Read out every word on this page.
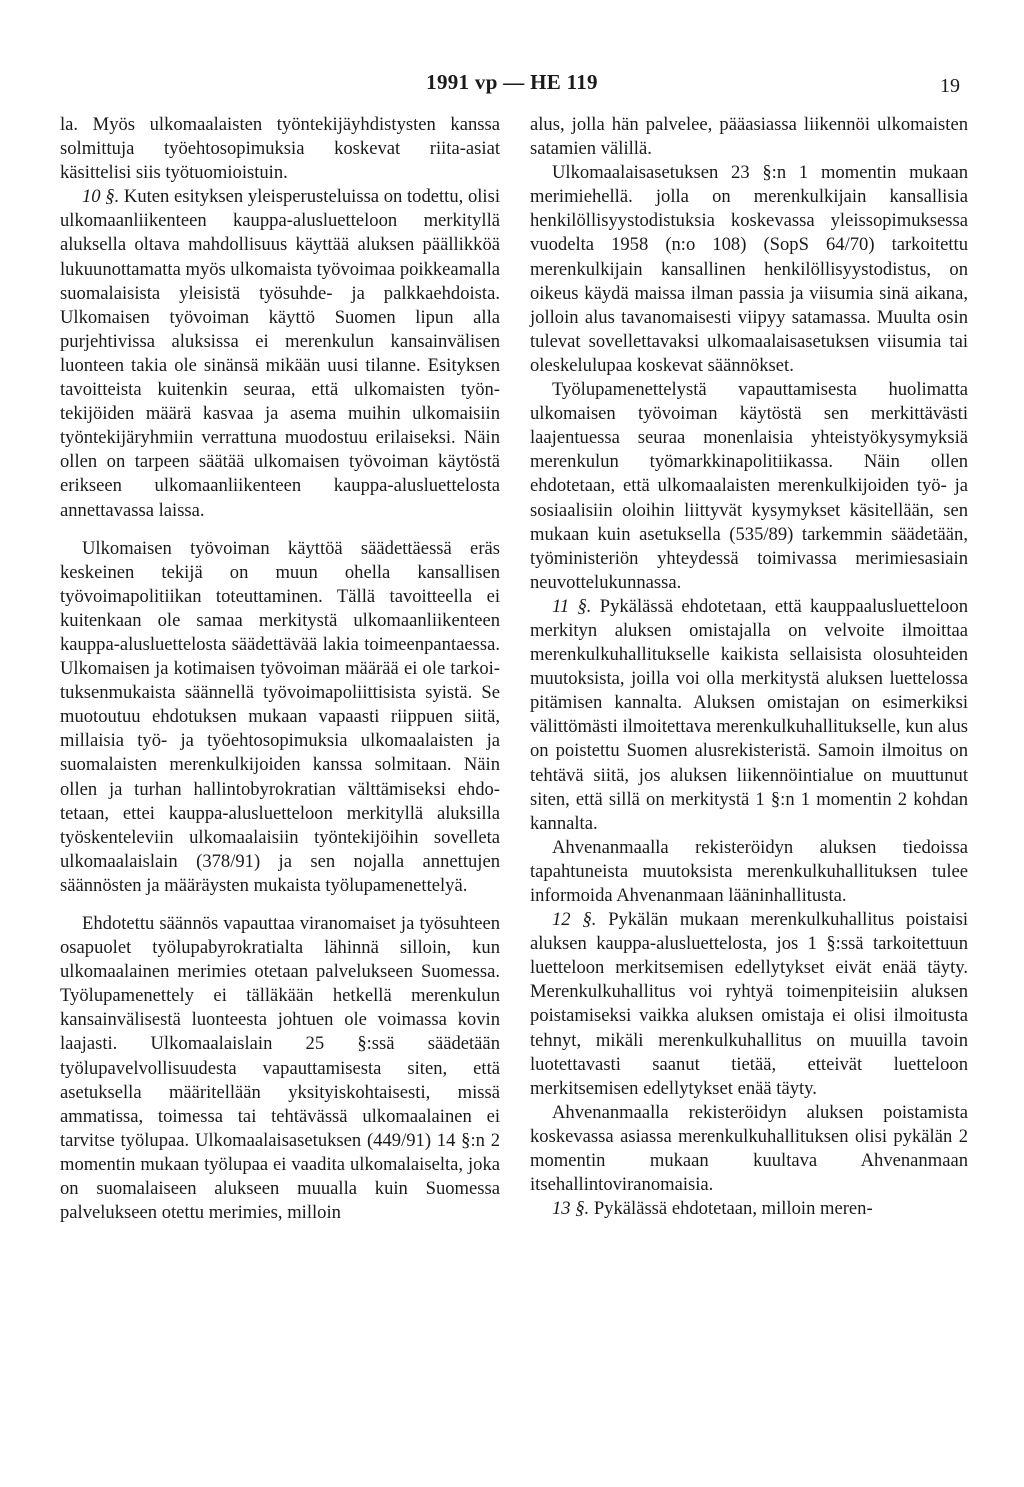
1991 vp — HE 119	19

la. Myös ulkomaalaisten työntekijäyhdistysten kanssa solmittuja työehtosopimuksia koskevat riita-asiat käsittelisi siis työtuomioistuin.

10 §. Kuten esityksen yleisperusteluissa on todettu, olisi ulkomaanliikenteen kauppa-alusluetteloon merkityllä aluksella oltava mahdollisuus käyttää aluksen päällikköä lukuunottamatta myös ulkomaista työvoimaa poikkeamalla suomalaisista yleisistä työsuhde- ja palkkaehdoista. Ulkomaisen työvoiman käyttö Suomen lipun alla purjehtivissa aluksissa ei merenkulun kansainvälisen luonteen takia ole sinänsä mikään uusi tilanne. Esityksen tavoitteista kuitenkin seuraa, että ulkomaisten työntekijöiden määrä kasvaa ja asema muihin ulkomaisiin työntekijäryhmiin verrattuna muodostuu erilaiseksi. Näin ollen on tarpeen säätää ulkomaisen työvoiman käytöstä erikseen ulkomaanliikenteen kauppa-alusluettelosta annettavassa laissa.

Ulkomaisen työvoiman käyttöä säädettäessä eräs keskeinen tekijä on muun ohella kansallisen työvoimapolitiikan toteuttaminen. Tällä tavoitteella ei kuitenkaan ole samaa merkitystä ulkomaanliikenteen kauppa-alusluettelosta säädettävää lakia toimeenpantaessa. Ulkomaisen ja kotimaisen työvoiman määrää ei ole tarkoituksenmukaista säännellä työvoimapoliittisista syistä. Se muotoutuu ehdotuksen mukaan vapaasti riippuen siitä, millaisia työ- ja työehtosopimuksia ulkomaalaisten ja suomalaisten merenkulkijoiden kanssa solmitaan. Näin ollen ja turhan hallintobyrokratian välttämiseksi ehdotetaan, ettei kauppa-alusluetteloon merkityllä aluksilla työskenteleviin ulkomaalaisiin työntekijöihin sovelleta ulkomaalaislain (378/91) ja sen nojalla annettujen säännösten ja määräysten mukaista työlupamenettelyä.

Ehdotettu säännös vapauttaa viranomaiset ja työsuhteen osapuolet työlupabyrokratialta lähinnä silloin, kun ulkomaalainen merimies otetaan palvelukseen Suomessa. Työlupamenettely ei tälläkään hetkellä merenkulun kansainvälisestä luonteesta johtuen ole voimassa kovin laajasti. Ulkomaalaislain 25 §:ssä säädetään työlupavelvollisuudesta vapauttamisesta siten, että asetuksella määritellään yksityiskohtaisesti, missä ammatissa, toimessa tai tehtävässä ulkomaalainen ei tarvitse työlupaa. Ulkomaalaisasetuksen (449/91) 14 §:n 2 momentin mukaan työlupaa ei vaadita ulkomalaiselta, joka on suomalaiseen alukseen muualla kuin Suomessa palvelukseen otettu merimies, milloin

alus, jolla hän palvelee, pääasiassa liikennöi ulkomaisten satamien välillä.

Ulkomaalaisasetuksen 23 §:n 1 momentin mukaan merimiehellä. jolla on merenkulkijain kansallisia henkilöllisyystodistuksia koskevassa yleissopimuksessa vuodelta 1958 (n:o 108) (SopS 64/70) tarkoitettu merenkulkijain kansallinen henkilöllisyystodistus, on oikeus käydä maissa ilman passia ja viisumia sinä aikana, jolloin alus tavanomaisesti viipyy satamassa. Muulta osin tulevat sovellettavaksi ulkomaalaisasetuksen viisumia tai oleskelulupaa koskevat säännökset.

Työlupamenettelystä vapauttamisesta huolimatta ulkomaisen työvoiman käytöstä sen merkittävästi laajentuessa seuraa monenlaisia yhteistyökysymyksiä merenkulun työmarkkinapolitiikassa. Näin ollen ehdotetaan, että ulkomaalaisten merenkulkijoiden työ- ja sosiaalisiin oloihin liittyvät kysymykset käsitellään, sen mukaan kuin asetuksella (535/89) tarkemmin säädetään, työministeriön yhteydessä toimivassa merimiesasiain neuvottelukunnassa.

11 §. Pykälässä ehdotetaan, että kauppaalusluetteloon merkityn aluksen omistajalla on velvoite ilmoittaa merenkulkuhallitukselle kaikista sellaisista olosuhteiden muutoksista, joilla voi olla merkitystä aluksen luettelossa pitämisen kannalta. Aluksen omistajan on esimerkiksi välittömästi ilmoitettava merenkulkuhallitukselle, kun alus on poistettu Suomen alusrekisteristä. Samoin ilmoitus on tehtävä siitä, jos aluksen liikennöintialue on muuttunut siten, että sillä on merkitystä 1 §:n 1 momentin 2 kohdan kannalta.

Ahvenanmaalla rekisteröidyn aluksen tiedoissa tapahtuneista muutoksista merenkulkuhallituksen tulee informoida Ahvenanmaan lääninhallitusta.

12 §. Pykälän mukaan merenkulkuhallitus poistaisi aluksen kauppa-alusluettelosta, jos 1 §:ssä tarkoitettuun luetteloon merkitsemisen edellytykset eivät enää täyty. Merenkulkuhallitus voi ryhtyä toimenpiteisiin aluksen poistamiseksi vaikka aluksen omistaja ei olisi ilmoitusta tehnyt, mikäli merenkulkuhallitus on muuilla tavoin luotettavasti saanut tietää, etteivät luetteloon merkitsemisen edellytykset enää täyty.

Ahvenanmaalla rekisteröidyn aluksen poistamista koskevassa asiassa merenkulkuhallituksen olisi pykälän 2 momentin mukaan kuultava Ahvenanmaan itsehallintoviranomaisia.

13 §. Pykälässä ehdotetaan, milloin meren-
